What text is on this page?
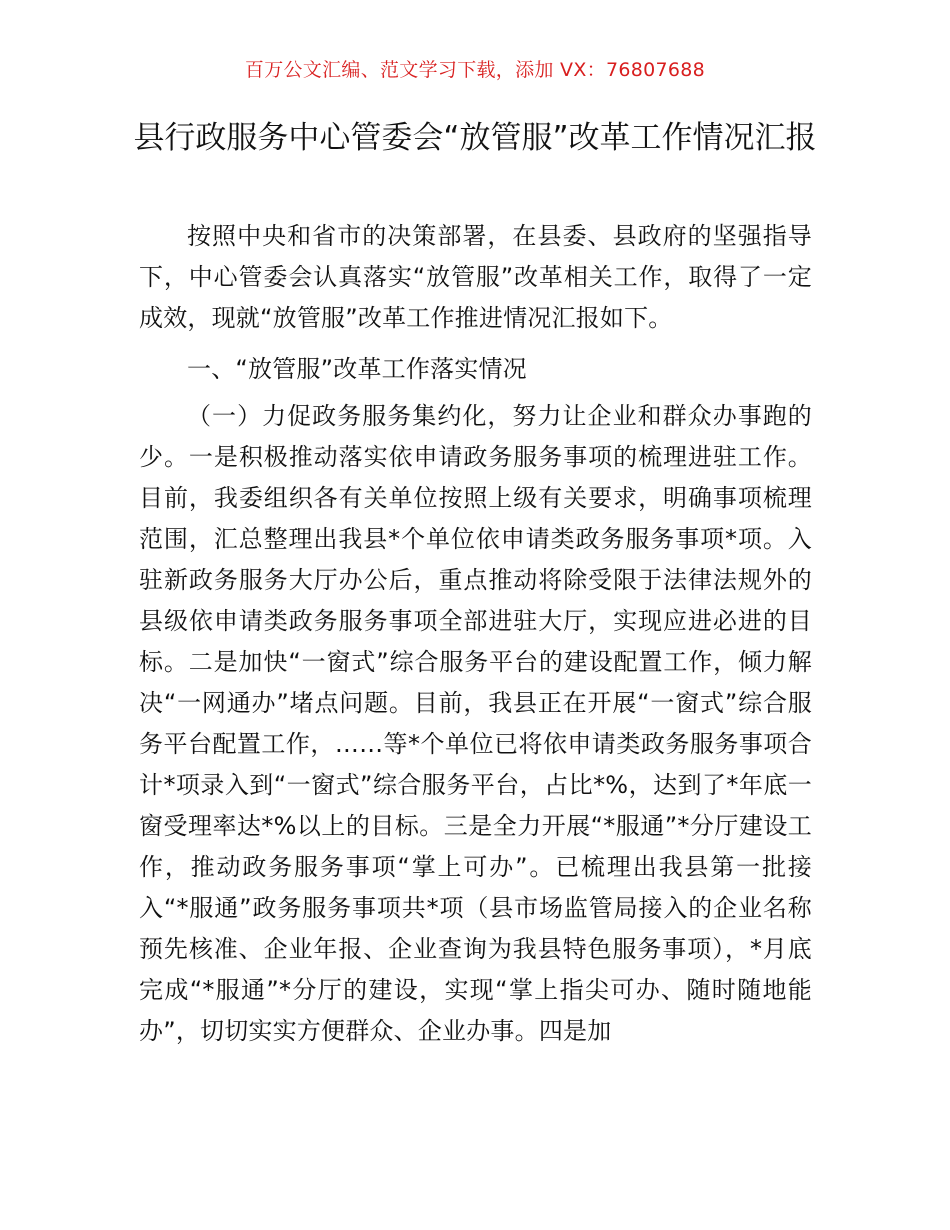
百万公文汇编、范文学习下载，添加 VX：76807688
县行政服务中心管委会“放管服”改革工作情况汇报

按照中央和省市的决策部署，在县委、县政府的坚强指导下，中心管委会认真落实“放管服”改革相关工作，取得了一定成效，现就“放管服”改革工作推进情况汇报如下。

一、“放管服”改革工作落实情况

（一）力促政务服务集约化，努力让企业和群众办事跑的少。一是积极推动落实依申请政务服务事项的梳理进驻工作。目前，我委组织各有关单位按照上级有关要求，明确事项梳理范围，汇总整理出我县*个单位依申请类政务服务事项*项。入驻新政务服务大厅办公后，重点推动将除受限于法律法规外的县级依申请类政务服务事项全部进驻大厅，实现应进必进的目标。二是加快“一窗式”综合服务平台的建设配置工作，倾力解决“一网通办”堵点问题。目前，我县正在开展“一窗式”综合服务平台配置工作，……等*个单位已将依申请类政务服务事项合计*项录入到“一窗式”综合服务平台，占比*%，达到了*年底一窗受理率达*%以上的目标。三是全力开展“*服通”*分厅建设工作，推动政务服务事项“掌上可办”。已梳理出我县第一批接入“*服通”政务服务事项共*项（县市场监管局接入的企业名称预先核准、企业年报、企业查询为我县特色服务事项），*月底完成“*服通”*分厅的建设，实现“掌上指尖可办、随时随地能办”，切切实实方便群众、企业办事。四是加
